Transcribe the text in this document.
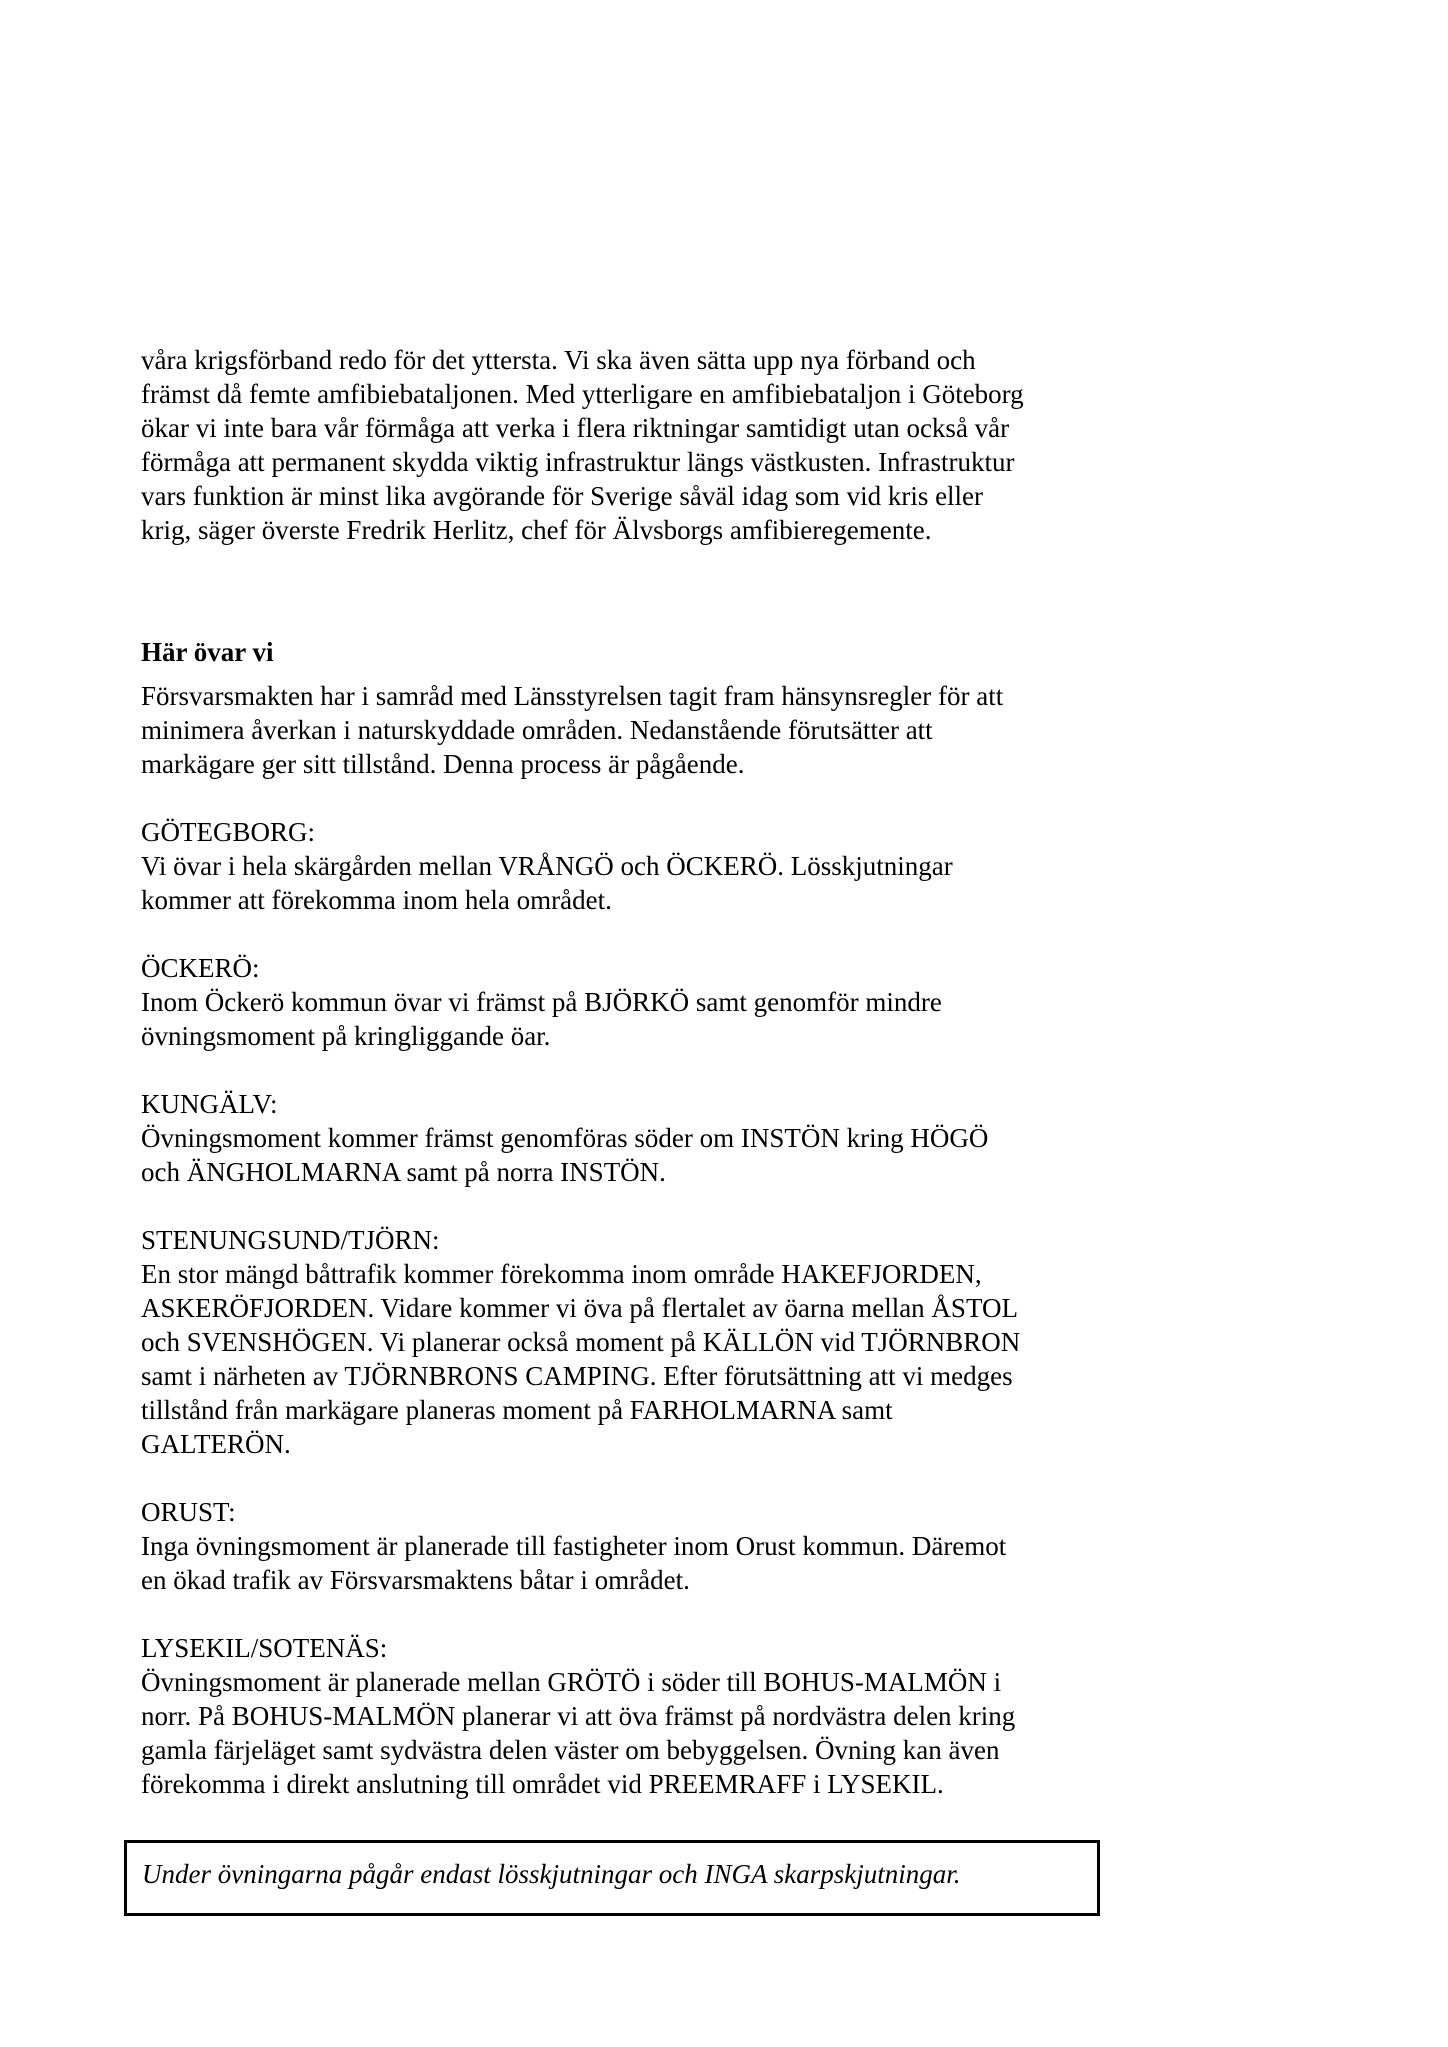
våra krigsförband redo för det yttersta. Vi ska även sätta upp nya förband och
främst då femte amfibiebataljonen. Med ytterligare en amfibiebataljon i Göteborg
ökar vi inte bara vår förmåga att verka i flera riktningar samtidigt utan också vår
förmåga att permanent skydda viktig infrastruktur längs västkusten. Infrastruktur
vars funktion är minst lika avgörande för Sverige såväl idag som vid kris eller
krig, säger överste Fredrik Herlitz, chef för Älvsborgs amfibieregemente.

Här övar vi

Försvarsmakten har i samråd med Länsstyrelsen tagit fram hänsynsregler för att
minimera åverkan i naturskyddade områden. Nedanstående förutsätter att
markägare ger sitt tillstånd. Denna process är pågående.

GÖTEGBORG:

Vi övar i hela skärgården mellan VRÅNGÖ och ÖCKERÖ. Lösskjutningar
kommer att förekomma inom hela området.

ÖCKERÖ:

Inom Öckerö kommun övar vi främst på BJÖRKÖ samt genomför mindre
övningsmoment på kringliggande öar.

KUNGÄLV:

Övningsmoment kommer främst genomföras söder om INSTÖN kring HÖGÖ
och ÄNGHOLMARNA samt på norra INSTÖN.

STENUNGSUND/TJÖRN:

En stor mängd båttrafik kommer förekomma inom område HAKEFJORDEN,
ASKERÖFJORDEN. Vidare kommer vi öva på flertalet av öarna mellan ÅSTOL
och SVENSHÖGEN. Vi planerar också moment på KÄLLÖN vid TJÖRNBRON
samt i närheten av TJÖRNBRONS CAMPING. Efter förutsättning att vi medges
tillstånd från markägare planeras moment på FARHOLMARNA samt
GALTERÖN.

ORUST:

Inga övningsmoment är planerade till fastigheter inom Orust kommun. Däremot
en ökad trafik av Försvarsmaktens båtar i området.

LYSEKIL/SOTENÄS:

Övningsmoment är planerade mellan GRÖTÖ i söder till BOHUS-MALMÖN i
norr. På BOHUS-MALMÖN planerar vi att öva främst på nordvästra delen kring
gamla färjeläget samt sydvästra delen väster om bebyggelsen. Övning kan även
förekomma i direkt anslutning till området vid PREEMRAFF i LYSEKIL.

Under övningarna pågår endast lösskjutningar och INGA skarpskjutningar.
